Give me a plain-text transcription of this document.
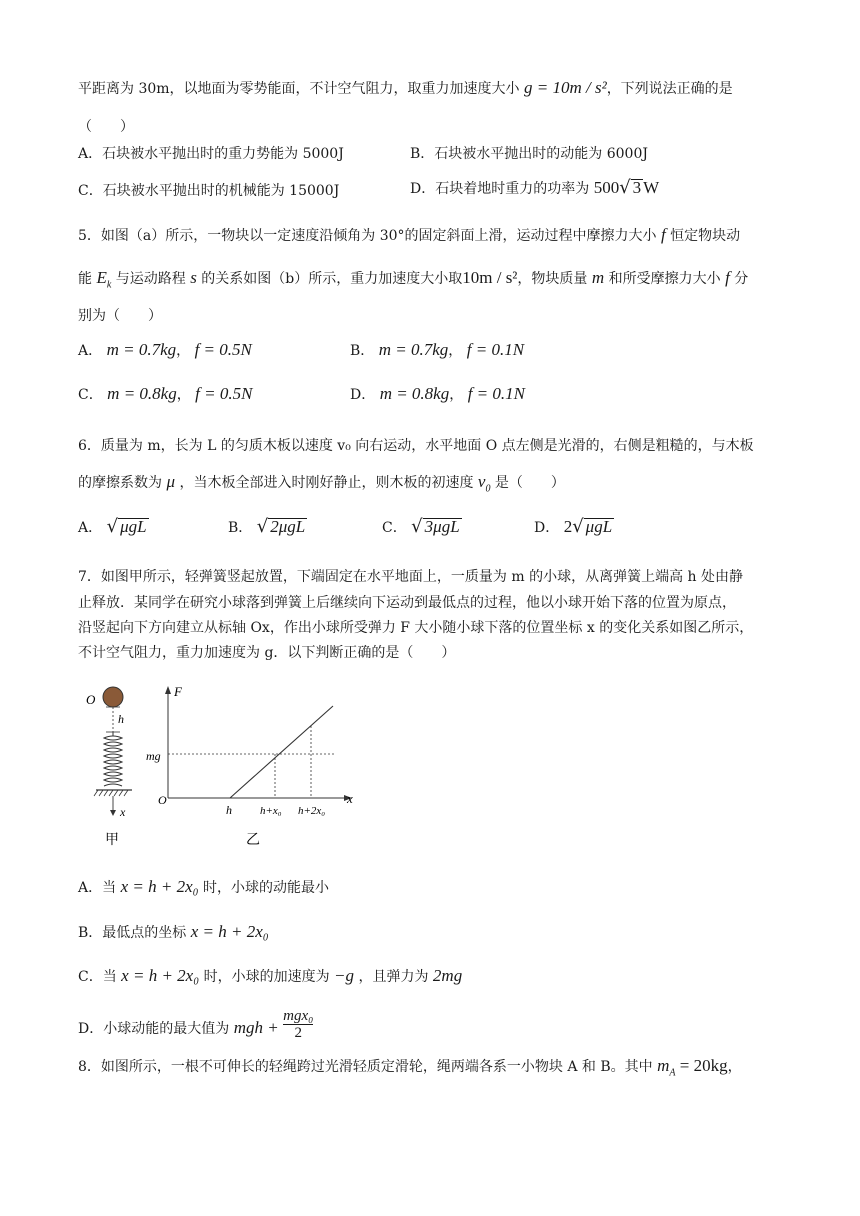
平距离为 30m，以地面为零势能面，不计空气阻力，取重力加速度大小 g = 10m / s²，下列说法正确的是
（　　）
A．石块被水平抛出时的重力势能为 5000J	B．石块被水平抛出时的动能为 6000J
C．石块被水平抛出时的机械能为 15000J	D．石块着地时重力的功率为 500√ 3 W
5．如图（a）所示，一物块以一定速度沿倾角为 30°的固定斜面上滑，运动过程中摩擦力大小 f 恒定物块动
能 $E_k$ 与运动路程 s 的关系如图（b）所示，重力加速度大小取10m / s²，物块质量 m 和所受摩擦力大小 f 分
别为（　　）
A． m = 0.7kg， f = 0.5N	B． m = 0.7kg， f = 0.1N
C． m = 0.8kg， f = 0.5N	D． m = 0.8kg， f = 0.1N
6．质量为 m，长为 L 的匀质木板以速度 v₀ 向右运动，水平地面 O 点左侧是光滑的，右侧是粗糙的，与木板
的摩擦系数为 μ ，当木板全部进入时刚好静止，则木板的初速度 $v_0$ 是（　　）
A． √ μgL	B． √ 2μgL	C． √ 3μgL	D． 2√ μgL
7．如图甲所示，轻弹簧竖起放置，下端固定在水平地面上，一质量为 m 的小球，从离弹簧上端高 h 处由静
止释放．某同学在研究小球落到弹簧上后继续向下运动到最低点的过程，他以小球开始下落的位置为原点，
沿竖起向下方向建立从标轴 Ox，作出小球所受弹力 F 大小随小球下落的位置坐标 x 的变化关系如图乙所示，
不计空气阻力，重力加速度为 g．以下判断正确的是（　　）
O
h
x
甲
F
x
O
mg
h	h+x₀ h+2x₀
乙
A．当 x = h + 2x₀ 时，小球的动能最小
B．最低点的坐标 x = h + 2x₀
C．当 x = h + 2x₀ 时，小球的加速度为 −g ，且弹力为 2mg
D．小球动能的最大值为 mgh +
mgx₀
2
8．如图所示，一根不可伸长的轻绳跨过光滑轻质定滑轮，绳两端各系一小物块 A 和 B。其中 $m_A = 20kg$，
